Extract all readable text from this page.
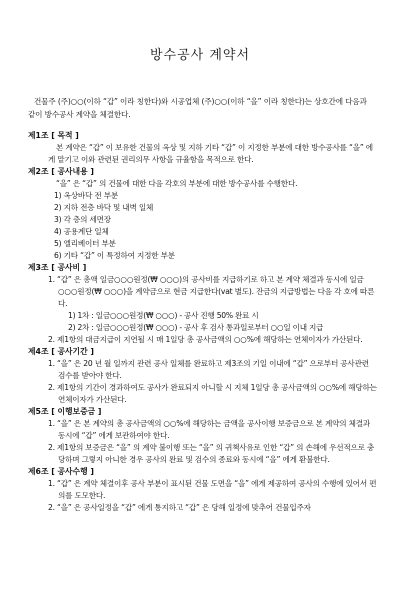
방수공사 계약서
건물주 (주)○○(이하 “갑” 이라 칭한다)와 시공업체 (주)○○(이하 “을” 이라 칭한다)는 상호간에 다음과 같이 방수공사 계약을 체결한다.
제1조 [ 목적 ]
본 계약은 “갑” 이 보유한 건물의 옥상 및 지하 기타 “갑” 이 지정한 부분에 대한 방수공사를 “을” 에게 맡기고 이와 관련된 권리의무 사항을 규율함을 목적으로 한다.
제2조 [ 공사내용 ]
“을” 은 “갑” 의 건물에 대한 다음 각호의 부분에 대한 방수공사를 수행한다.
1) 옥상바닥 전 부분
2) 지하 전층 바닥 및 내벽 일체
3) 각 층의 세면장
4) 공용계단 일체
5) 엘리베이터 부분
6) 기타 “갑” 이 특정하여 지정한 부분
제3조 [ 공사비 ]
1. “갑” 은 총액 일금○○○원정(₩ ○○○)의 공사비를 지급하기로 하고 본 계약 체결과 동시에 일금○○○원정(₩ ○○○)을 계약금으로 현금 지급한다(vat 별도). 잔금의 지급방법는 다음 각 호에 따른다.
1) 1차 : 일금○○○원정(₩ ○○○) - 공사 진행 50% 완료 시
2) 2차 : 일금○○○원정(₩ ○○○) - 공사 후 검사 통과일로부터 ○○일 이내 지급
2. 제1항의 대금지급이 지연될 시 매 1일당 총 공사금액의 ○○%에 해당하는 연체이자가 가산된다.
제4조 [ 공사기간 ]
1. “을” 은 20 년 월 일까지 관련 공사 일체를 완료하고 제3조의 기일 이내에 “갑” 으로부터 공사관련 검수를 받아야 한다.
2. 제1항의 기간이 경과하여도 공사가 완료되지 아니할 시 지체 1일당 총 공사금액의 ○○%에 해당하는 연체이자가 가산된다.
제5조 [ 이행보증금 ]
1. “을” 은 본 계약의 총 공사금액의 ○○%에 해당하는 금액을 공사이행 보증금으로 본 계약의 체결과 동시에 “갑” 에게 보관하여야 한다.
2. 제1항의 보증금은 “을” 의 계약 불이행 또는 “을” 의 귀책사유로 인한 “갑” 의 손해에 우선적으로 충당하며 그렇지 아니한 경우 공사의 완료 및 검수의 종료와 동시에 “을” 에게 환불한다.
제6조 [ 공사수행 ]
1. “갑” 은 계약 체결이후 공사 부분이 표시된 건물 도면을 “을” 에게 제공하여 공사의 수행에 있어서 편의를 도모한다.
2. “을” 은 공사일정을 “갑” 에게 통지하고 “갑” 은 당해 일정에 맞추어 건물입주자
